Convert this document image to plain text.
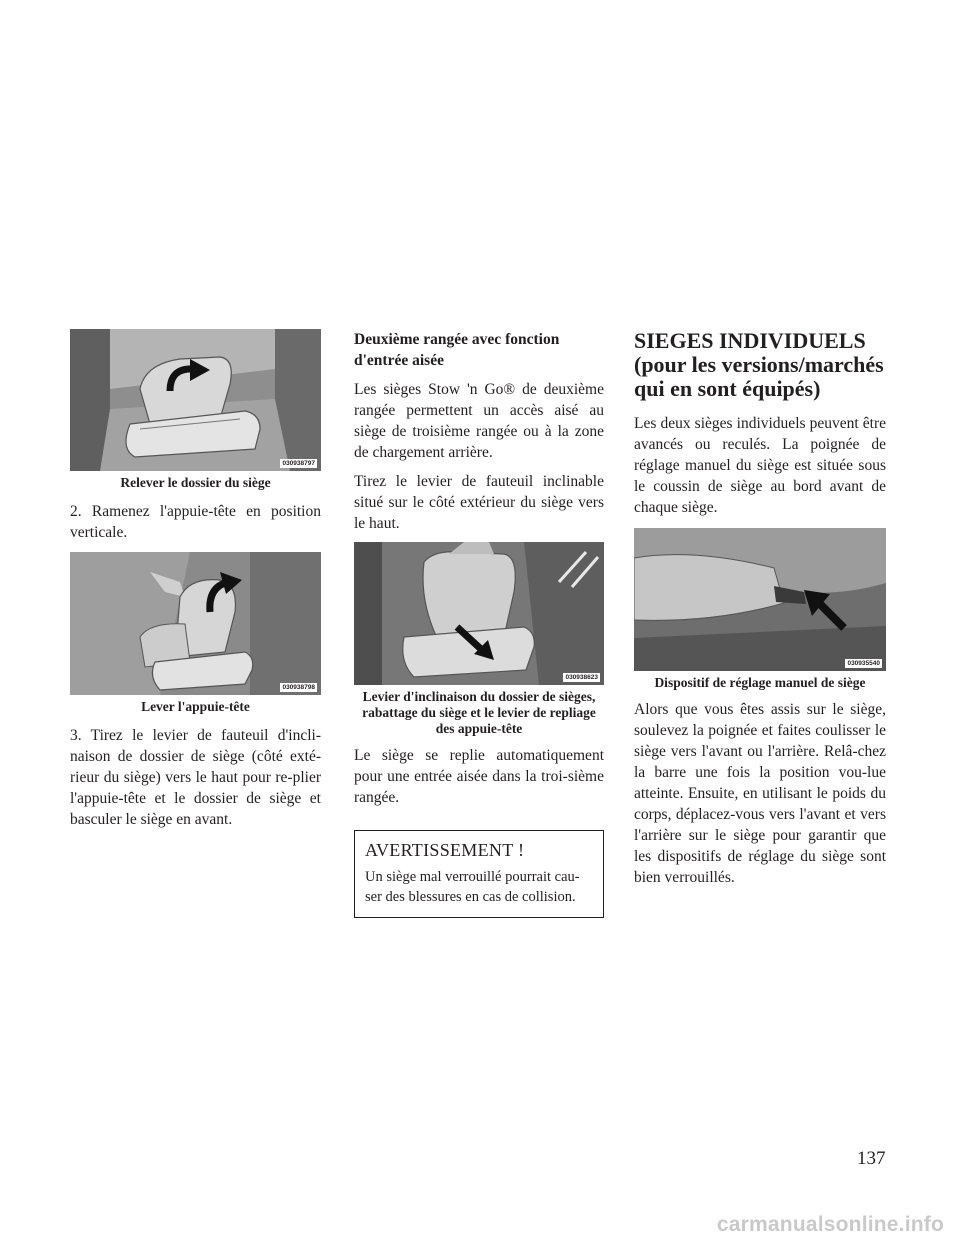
030938797

Relever le dossier du siège

2. Ramenez l'appuie-tête en position verticale.

030938798

Lever l'appuie-tête

3. Tirez le levier de fauteuil d'incli-naison de dossier de siège (côté exté-rieur du siège) vers le haut pour re-plier l'appuie-tête et le dossier de siège et basculer le siège en avant.

Deuxième rangée avec fonction d'entrée aisée

Les sièges Stow 'n Go® de deuxième rangée permettent un accès aisé au siège de troisième rangée ou à la zone de chargement arrière.

Tirez le levier de fauteuil inclinable situé sur le côté extérieur du siège vers le haut.

030938623

Levier d'inclinaison du dossier de sièges, rabattage du siège et le levier de repliage des appuie-tête

Le siège se replie automatiquement pour une entrée aisée dans la troi-sième rangée.

AVERTISSEMENT !

Un siège mal verrouillé pourrait cau-ser des blessures en cas de collision.

SIEGES INDIVIDUELS (pour les versions/marchés qui en sont équipés)

Les deux sièges individuels peuvent être avancés ou reculés. La poignée de réglage manuel du siège est située sous le coussin de siège au bord avant de chaque siège.

030935540

Dispositif de réglage manuel de siège

Alors que vous êtes assis sur le siège, soulevez la poignée et faites coulisser le siège vers l'avant ou l'arrière. Relâ-chez la barre une fois la position vou-lue atteinte. Ensuite, en utilisant le poids du corps, déplacez-vous vers l'avant et vers l'arrière sur le siège pour garantir que les dispositifs de réglage du siège sont bien verrouillés.

137
carmanualsonline.info
